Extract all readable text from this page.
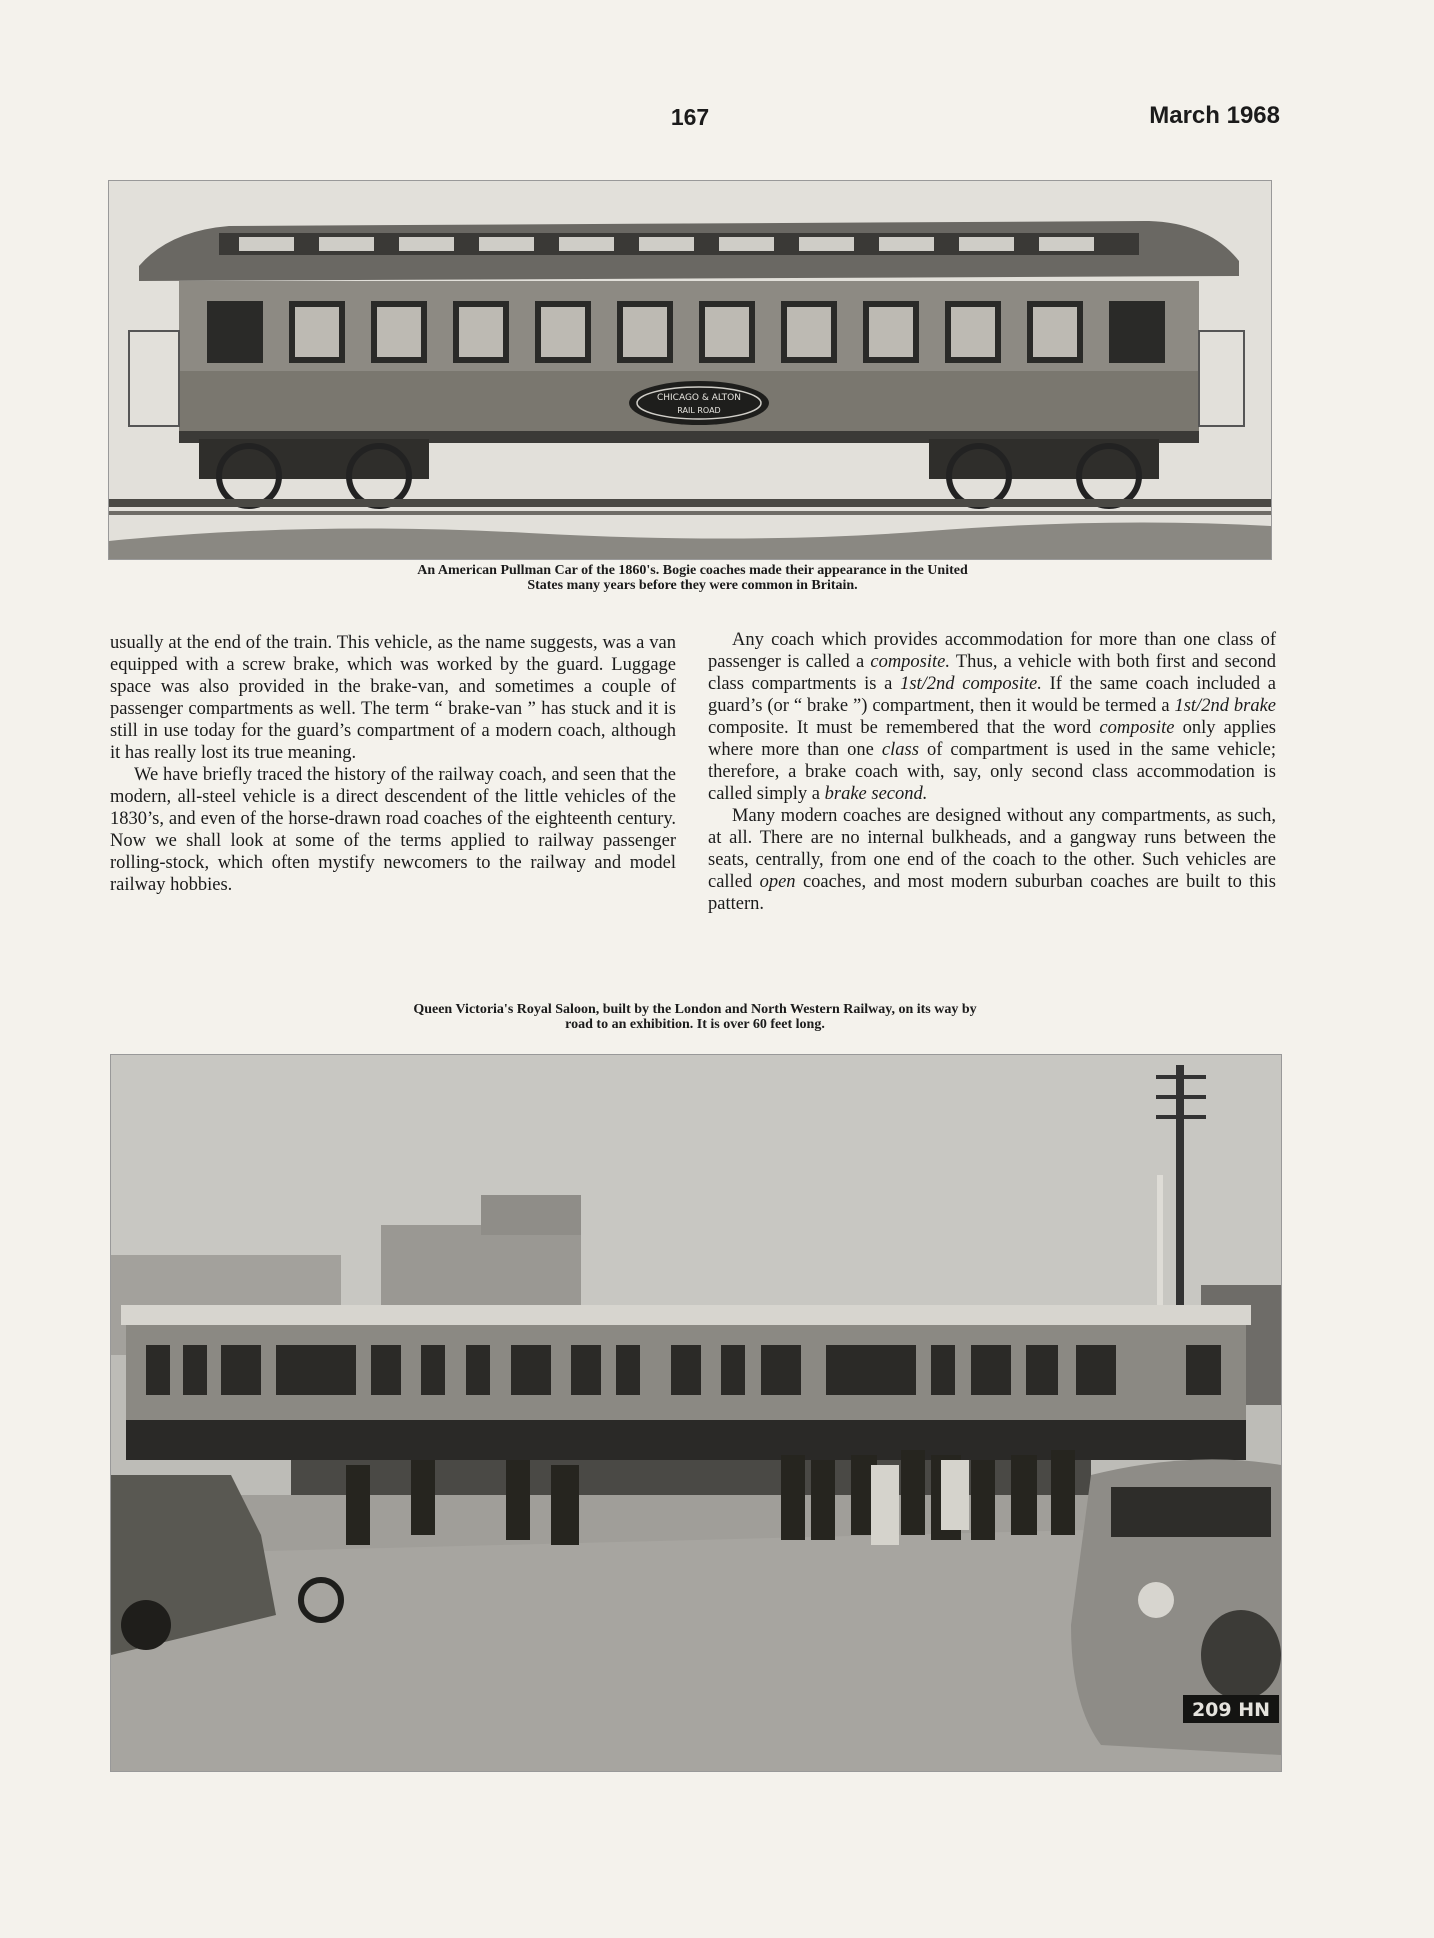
167	March 1968
CHICAGO & ALTON
RAIL ROAD
An American Pullman Car of the 1860's. Bogie coaches made their appearance in the United States many years before they were common in Britain.

usually at the end of the train. This vehicle, as the name suggests, was a van equipped with a screw brake, which was worked by the guard. Luggage space was also provided in the brake-van, and sometimes a couple of passenger compartments as well. The term “ brake-van ” has stuck and it is still in use today for the guard’s compartment of a modern coach, although it has really lost its true meaning.

We have briefly traced the history of the railway coach, and seen that the modern, all-steel vehicle is a direct descendent of the little vehicles of the 1830’s, and even of the horse-drawn road coaches of the eighteenth century. Now we shall look at some of the terms applied to railway passenger rolling-stock, which often mystify newcomers to the railway and model railway hobbies.

Any coach which provides accommodation for more than one class of passenger is called a composite. Thus, a vehicle with both first and second class compartments is a 1st/2nd composite. If the same coach included a guard’s (or “ brake ”) compartment, then it would be termed a 1st/2nd brake composite. It must be remembered that the word composite only applies where more than one class of compartment is used in the same vehicle; therefore, a brake coach with, say, only second class accommodation is called simply a brake second.

Many modern coaches are designed without any compartments, as such, at all. There are no internal bulkheads, and a gangway runs between the seats, centrally, from one end of the coach to the other. Such vehicles are called open coaches, and most modern suburban coaches are built to this pattern.

Queen Victoria's Royal Saloon, built by the London and North Western Railway, on its way by road to an exhibition. It is over 60 feet long.
209 HN
